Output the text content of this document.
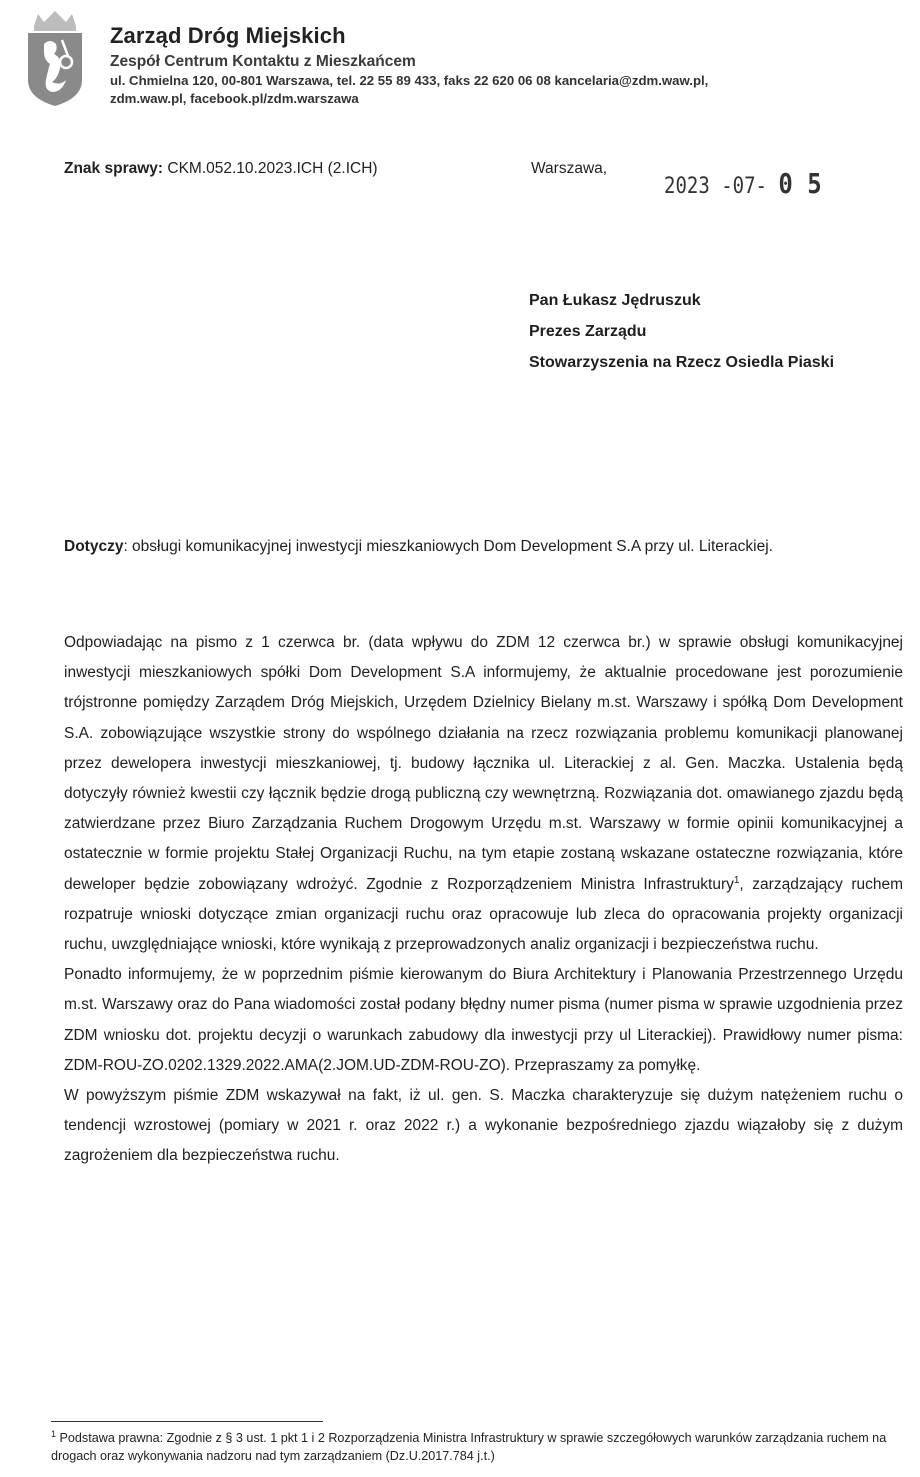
Zarząd Dróg Miejskich
Zespół Centrum Kontaktu z Mieszkańcem
ul. Chmielna 120, 00-801 Warszawa, tel. 22 55 89 433, faks 22 620 06 08 kancelaria@zdm.waw.pl,
zdm.waw.pl, facebook.pl/zdm.warszawa
Znak sprawy: CKM.052.10.2023.ICH (2.ICH)	Warszawa,
2023 -07- 0 5
Pan Łukasz Jędruszuk
Prezes Zarządu
Stowarzyszenia na Rzecz Osiedla Piaski
Dotyczy: obsługi komunikacyjnej inwestycji mieszkaniowych Dom Development S.A przy ul. Literackiej.

Odpowiadając na pismo z 1 czerwca br. (data wpływu do ZDM 12 czerwca br.) w sprawie obsługi komunikacyjnej inwestycji mieszkaniowych spółki Dom Development S.A informujemy, że aktualnie procedowane jest porozumienie trójstronne pomiędzy Zarządem Dróg Miejskich, Urzędem Dzielnicy Bielany m.st. Warszawy i spółką Dom Development S.A. zobowiązujące wszystkie strony do wspólnego działania na rzecz rozwiązania problemu komunikacji planowanej przez dewelopera inwestycji mieszkaniowej, tj. budowy łącznika ul. Literackiej z al. Gen. Maczka. Ustalenia będą dotyczyły również kwestii czy łącznik będzie drogą publiczną czy wewnętrzną. Rozwiązania dot. omawianego zjazdu będą zatwierdzane przez Biuro Zarządzania Ruchem Drogowym Urzędu m.st. Warszawy w formie opinii komunikacyjnej a ostatecznie w formie projektu Stałej Organizacji Ruchu, na tym etapie zostaną wskazane ostateczne rozwiązania, które deweloper będzie zobowiązany wdrożyć. Zgodnie z Rozporządzeniem Ministra Infrastruktury$^1$, zarządzający ruchem rozpatruje wnioski dotyczące zmian organizacji ruchu oraz opracowuje lub zleca do opracowania projekty organizacji ruchu, uwzględniające wnioski, które wynikają z przeprowadzonych analiz organizacji i bezpieczeństwa ruchu.

Ponadto informujemy, że w poprzednim piśmie kierowanym do Biura Architektury i Planowania Przestrzennego Urzędu m.st. Warszawy oraz do Pana wiadomości został podany błędny numer pisma (numer pisma w sprawie uzgodnienia przez ZDM wniosku dot. projektu decyzji o warunkach zabudowy dla inwestycji przy ul Literackiej). Prawidłowy numer pisma: ZDM-ROU-ZO.0202.1329.2022.AMA(2.JOM.UD-ZDM-ROU-ZO). Przepraszamy za pomyłkę.

W powyższym piśmie ZDM wskazywał na fakt, iż ul. gen. S. Maczka charakteryzuje się dużym natężeniem ruchu o tendencji wzrostowej (pomiary w 2021 r. oraz 2022 r.) a wykonanie bezpośredniego zjazdu wiązałoby się z dużym zagrożeniem dla bezpieczeństwa ruchu.

$^1$ Podstawa prawna: Zgodnie z § 3 ust. 1 pkt 1 i 2 Rozporządzenia Ministra Infrastruktury w sprawie szczegółowych warunków zarządzania ruchem na drogach oraz wykonywania nadzoru nad tym zarządzaniem (Dz.U.2017.784 j.t.)
